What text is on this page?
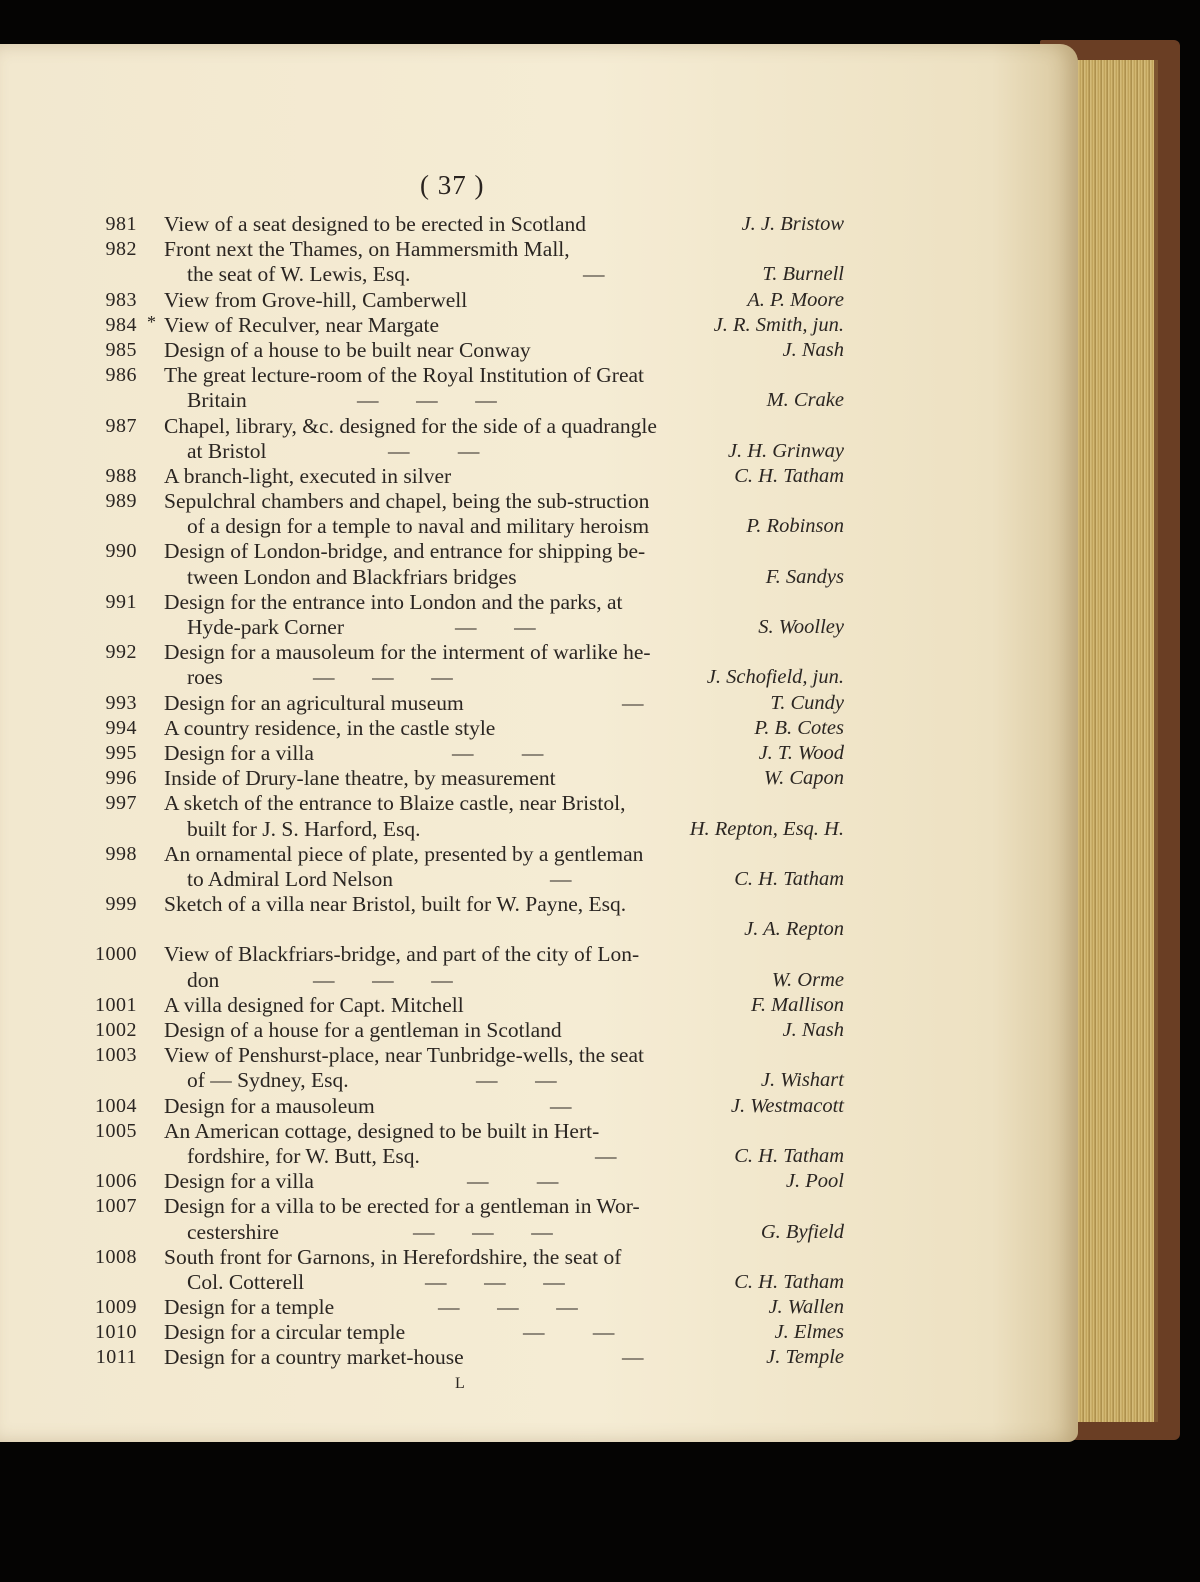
( 37 )
981 View of a seat designed to be erected in Scotland	J. J. Bristow
982 Front next the Thames, on Hammersmith Mall,
the seat of W. Lewis, Esq.	—	T. Burnell
983 View from Grove-hill, Camberwell	A. P. Moore
984 * View of Reculver, near Margate	J. R. Smith, jun.
985 Design of a house to be built near Conway	J. Nash
986 The great lecture-room of the Royal Institution of Great
Britain	—       —       —	M. Crake
987 Chapel, library, &c. designed for the side of a quadrangle
at Bristol	—         —	J. H. Grinway
988 A branch-light, executed in silver	C. H. Tatham
989 Sepulchral chambers and chapel, being the sub-struction
of a design for a temple to naval and military heroism	P. Robinson
990 Design of London-bridge, and entrance for shipping be-
tween London and Blackfriars bridges	F. Sandys
991 Design for the entrance into London and the parks, at
Hyde-park Corner	—       —	S. Woolley
992 Design for a mausoleum for the interment of warlike he-
roes	—       —       —	J. Schofield, jun.
993 Design for an agricultural museum	—	T. Cundy
994 A country residence, in the castle style	P. B. Cotes
995 Design for a villa	—         —	J. T. Wood
996 Inside of Drury-lane theatre, by measurement	W. Capon
997 A sketch of the entrance to Blaize castle, near Bristol,
built for J. S. Harford, Esq.	H. Repton, Esq. H.
998 An ornamental piece of plate, presented by a gentleman
to Admiral Lord Nelson	—	C. H. Tatham
999 Sketch of a villa near Bristol, built for W. Payne, Esq.
J. A. Repton
1000 View of Blackfriars-bridge, and part of the city of Lon-
don	—       —       —	W. Orme
1001 A villa designed for Capt. Mitchell	F. Mallison
1002 Design of a house for a gentleman in Scotland	J. Nash
1003 View of Penshurst-place, near Tunbridge-wells, the seat
of — Sydney, Esq.	—       —	J. Wishart
1004 Design for a mausoleum	—	J. Westmacott
1005 An American cottage, designed to be built in Hert-
fordshire, for W. Butt, Esq.	—	C. H. Tatham
1006 Design for a villa	—         —	J. Pool
1007 Design for a villa to be erected for a gentleman in Wor-
cestershire	—       —       —	G. Byfield
1008 South front for Garnons, in Herefordshire, the seat of
Col. Cotterell	—       —       —	C. H. Tatham
1009 Design for a temple	—       —       —	J. Wallen
1010 Design for a circular temple	—         —	J. Elmes
1011 Design for a country market-house	—	J. Temple
L
